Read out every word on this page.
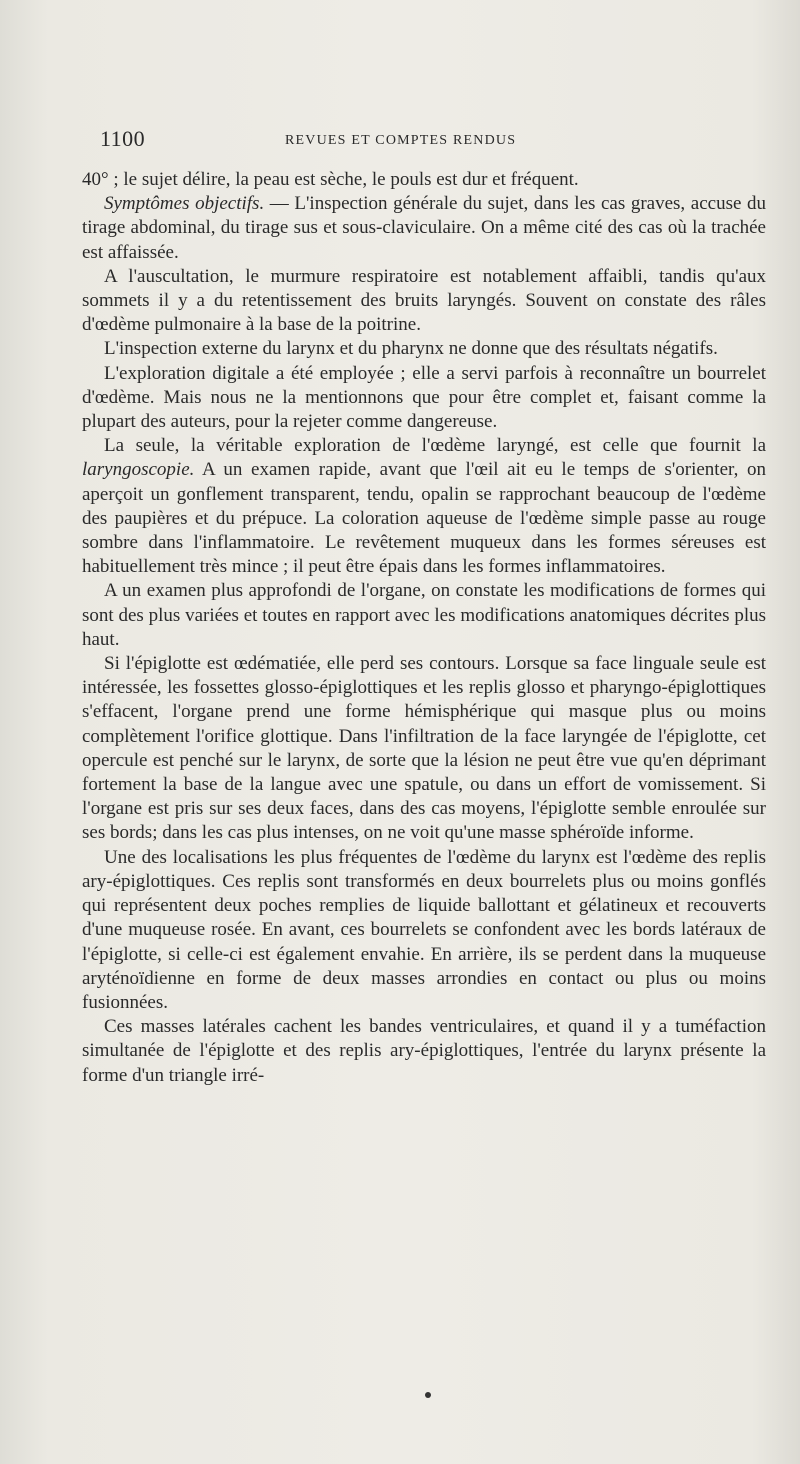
1100	REVUES ET COMPTES RENDUS

40° ; le sujet délire, la peau est sèche, le pouls est dur et fréquent.

Symptômes objectifs. — L'inspection générale du sujet, dans les cas graves, accuse du tirage abdominal, du tirage sus et sous-claviculaire. On a même cité des cas où la trachée est affaissée.

A l'auscultation, le murmure respiratoire est notablement affaibli, tandis qu'aux sommets il y a du retentissement des bruits laryngés. Souvent on constate des râles d'œdème pulmonaire à la base de la poitrine.

L'inspection externe du larynx et du pharynx ne donne que des résultats négatifs.

L'exploration digitale a été employée ; elle a servi parfois à reconnaître un bourrelet d'œdème. Mais nous ne la mentionnons que pour être complet et, faisant comme la plupart des auteurs, pour la rejeter comme dangereuse.

La seule, la véritable exploration de l'œdème laryngé, est celle que fournit la laryngoscopie. A un examen rapide, avant que l'œil ait eu le temps de s'orienter, on aperçoit un gonflement transparent, tendu, opalin se rapprochant beaucoup de l'œdème des paupières et du prépuce. La coloration aqueuse de l'œdème simple passe au rouge sombre dans l'inflammatoire. Le revêtement muqueux dans les formes séreuses est habituellement très mince ; il peut être épais dans les formes inflammatoires.

A un examen plus approfondi de l'organe, on constate les modifications de formes qui sont des plus variées et toutes en rapport avec les modifications anatomiques décrites plus haut.

Si l'épiglotte est œdématiée, elle perd ses contours. Lorsque sa face linguale seule est intéressée, les fossettes glosso-épiglottiques et les replis glosso et pharyngo-épiglottiques s'effacent, l'organe prend une forme hémisphérique qui masque plus ou moins complètement l'orifice glottique. Dans l'infiltration de la face laryngée de l'épiglotte, cet opercule est penché sur le larynx, de sorte que la lésion ne peut être vue qu'en déprimant fortement la base de la langue avec une spatule, ou dans un effort de vomissement. Si l'organe est pris sur ses deux faces, dans des cas moyens, l'épiglotte semble enroulée sur ses bords; dans les cas plus intenses, on ne voit qu'une masse sphéroïde informe.

Une des localisations les plus fréquentes de l'œdème du larynx est l'œdème des replis ary-épiglottiques. Ces replis sont transformés en deux bourrelets plus ou moins gonflés qui représentent deux poches remplies de liquide ballottant et gélatineux et recouverts d'une muqueuse rosée. En avant, ces bourrelets se confondent avec les bords latéraux de l'épiglotte, si celle-ci est également envahie. En arrière, ils se perdent dans la muqueuse aryténoïdienne en forme de deux masses arrondies en contact ou plus ou moins fusionnées.

Ces masses latérales cachent les bandes ventriculaires, et quand il y a tuméfaction simultanée de l'épiglotte et des replis ary-épiglottiques, l'entrée du larynx présente la forme d'un triangle irré-
